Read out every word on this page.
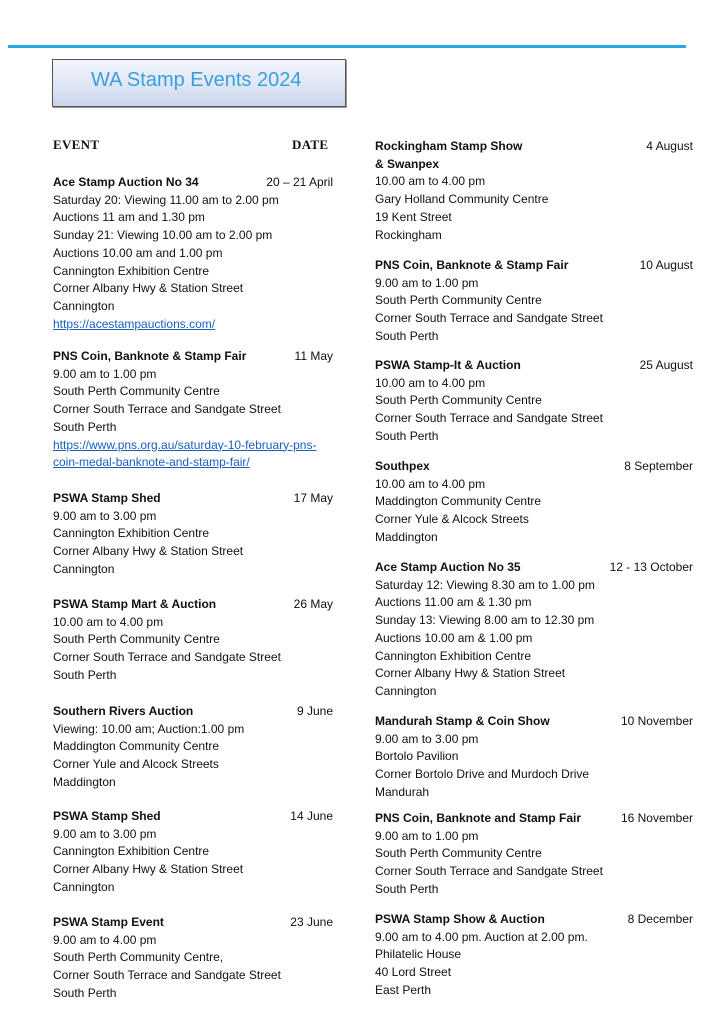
WA Stamp Events 2024
EVENT	DATE
Ace Stamp Auction No 34	20 – 21 April
Saturday 20: Viewing 11.00 am to 2.00 pm
Auctions 11 am and 1.30 pm
Sunday 21: Viewing 10.00 am to 2.00 pm
Auctions 10.00 am and 1.00 pm
Cannington Exhibition Centre
Corner Albany Hwy & Station Street
Cannington
https://acestampauctions.com/
PNS Coin, Banknote & Stamp Fair	11 May
9.00 am to 1.00 pm
South Perth Community Centre
Corner South Terrace and Sandgate Street
South Perth
https://www.pns.org.au/saturday-10-february-pns-
coin-medal-banknote-and-stamp-fair/
PSWA Stamp Shed	17 May
9.00 am to 3.00 pm
Cannington Exhibition Centre
Corner Albany Hwy & Station Street
Cannington
PSWA Stamp Mart & Auction	26 May
10.00 am to 4.00 pm
South Perth Community Centre
Corner South Terrace and Sandgate Street
South Perth
Southern Rivers Auction	9 June
Viewing: 10.00 am; Auction:1.00 pm
Maddington Community Centre
Corner Yule and Alcock Streets
Maddington
PSWA Stamp Shed	14 June
9.00 am to 3.00 pm
Cannington Exhibition Centre
Corner Albany Hwy & Station Street
Cannington
PSWA Stamp Event	23 June
9.00 am to 4.00 pm
South Perth Community Centre,
Corner South Terrace and Sandgate Street
South Perth
Rockingham Stamp Show	4 August
& Swanpex
10.00 am to 4.00 pm
Gary Holland Community Centre
19 Kent Street
Rockingham
PNS Coin, Banknote & Stamp Fair	10 August
9.00 am to 1.00 pm
South Perth Community Centre
Corner South Terrace and Sandgate Street
South Perth
PSWA Stamp-It & Auction	25 August
10.00 am to 4.00 pm
South Perth Community Centre
Corner South Terrace and Sandgate Street
South Perth
Southpex	8 September
10.00 am to 4.00 pm
Maddington Community Centre
Corner Yule & Alcock Streets
Maddington
Ace Stamp Auction No 35	12 - 13 October
Saturday 12: Viewing 8.30 am to 1.00 pm
Auctions 11.00 am & 1.30 pm
Sunday 13: Viewing 8.00 am to 12.30 pm
Auctions 10.00 am & 1.00 pm
Cannington Exhibition Centre
Corner Albany Hwy & Station Street
Cannington
Mandurah Stamp & Coin Show	10 November
9.00 am to 3.00 pm
Bortolo Pavilion
Corner Bortolo Drive and Murdoch Drive
Mandurah
PNS Coin, Banknote and Stamp Fair	16 November
9.00 am to 1.00 pm
South Perth Community Centre
Corner South Terrace and Sandgate Street
South Perth
PSWA Stamp Show & Auction	8 December
9.00 am to 4.00 pm. Auction at 2.00 pm.
Philatelic House
40 Lord Street
East Perth
